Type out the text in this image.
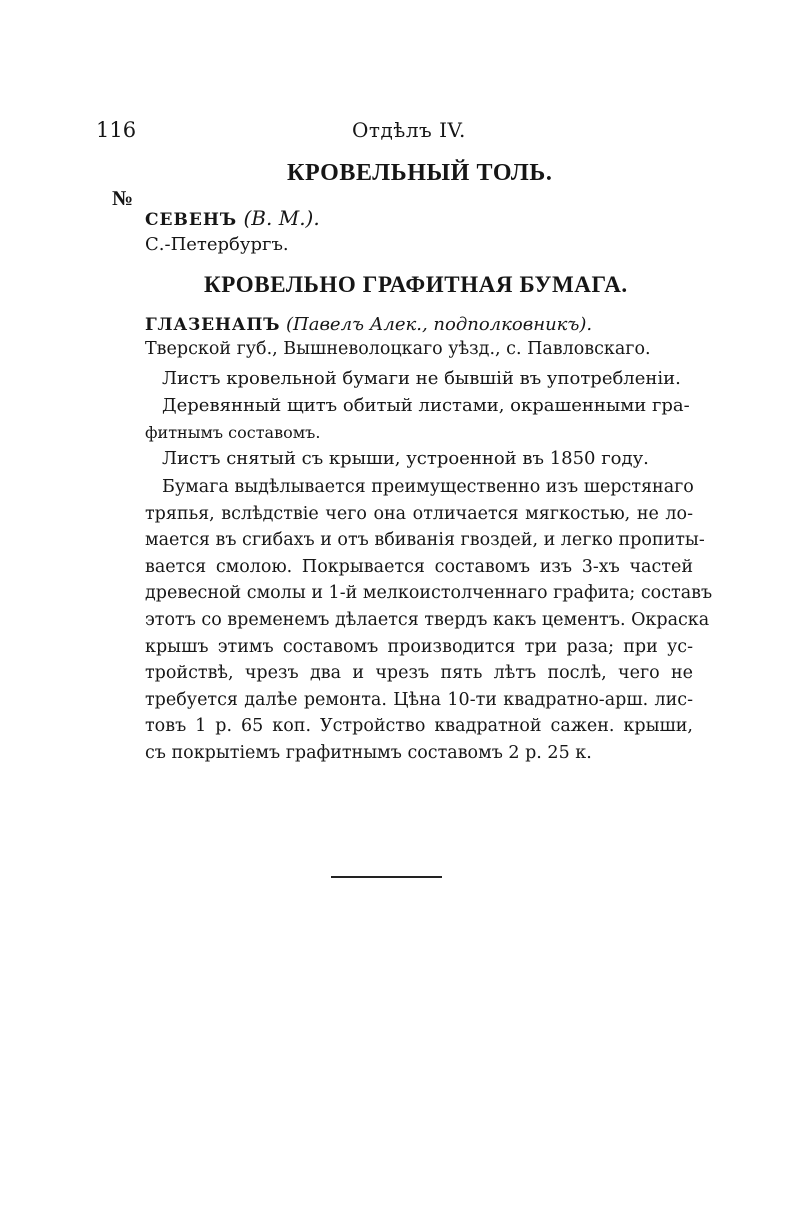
116	Отдѣлъ IV.
КРОВЕЛЬНЫЙ ТОЛЬ.
№
СЕВЕНЪ (В. М.).
С.-Петербургъ.
КРОВЕЛЬНО ГРАФИТНАЯ БУМАГА.
ГЛАЗЕНАПЪ (Павелъ Алек., подполковникъ).
Тверской губ., Вышневолоцкаго уѣзд., с. Павловскаго.
Листъ кровельной бумаги не бывшiй въ употребленiи.
Деревянный щитъ обитый листами, окрашенными гра-
фитнымъ составомъ.
Листъ снятый съ крыши, устроенной въ 1850 году.
Бумага выдѣлывается преимущественно изъ шерстянаго
тряпья, вслѣдствiе чего она отличается мягкостью, не ло-
мается въ сгибахъ и отъ вбиванiя гвоздей, и легко пропиты-
вается смолою. Покрывается составомъ изъ 3-хъ частей
древесной смолы и 1-й мелкоистолченнаго графита; составъ
этотъ со временемъ дѣлается твердъ какъ цементъ. Окраска
крышъ этимъ составомъ производится три раза; при ус-
тройствѣ, чрезъ два и чрезъ пять лѣтъ послѣ, чего не
требуется далѣе ремонта. Цѣна 10-ти квадратно-арш. лис-
товъ 1 р. 65 коп. Устройство квадратной сажен. крыши,
съ покрытiемъ графитнымъ составомъ 2 р. 25 к.
